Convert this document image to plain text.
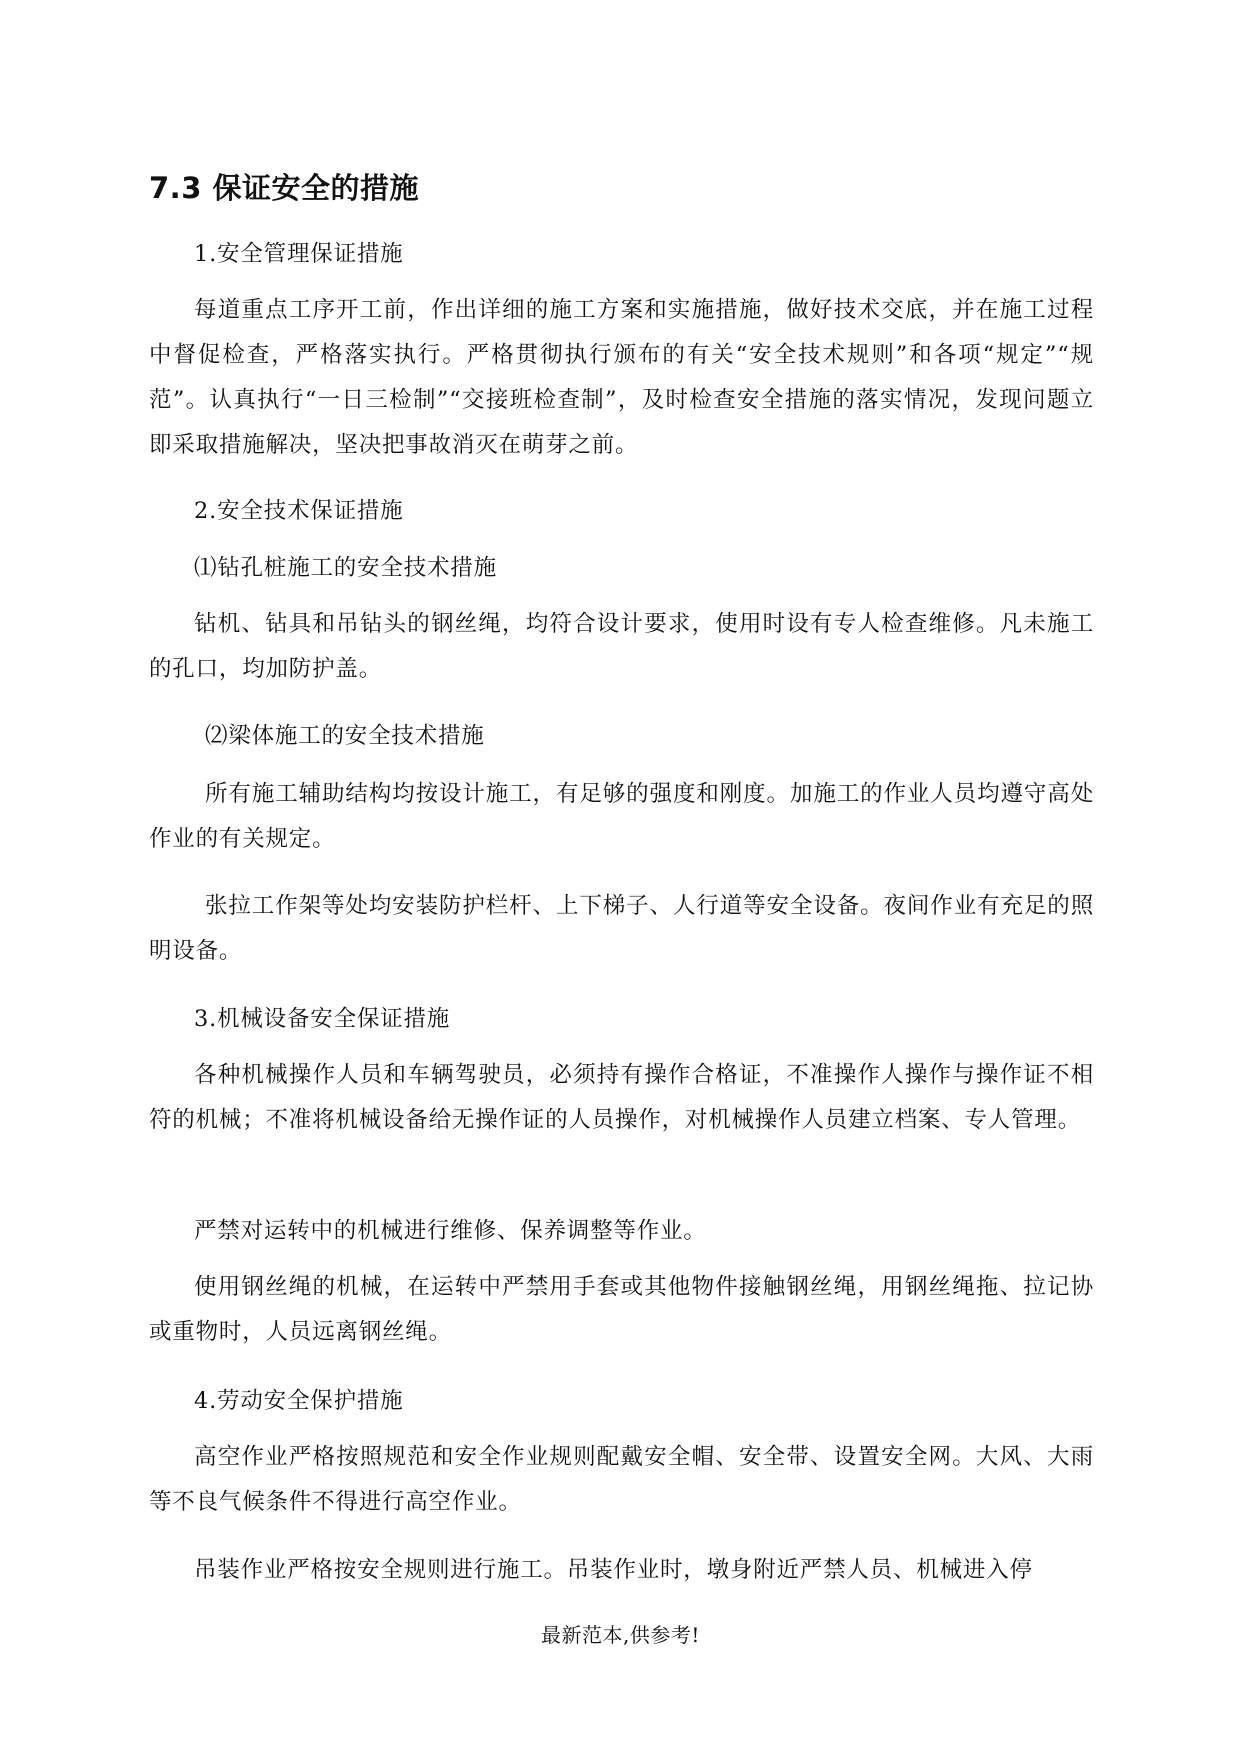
7.3 保证安全的措施

1.安全管理保证措施

每道重点工序开工前，作出详细的施工方案和实施措施，做好技术交底，并在施工过程中督促检查，严格落实执行。严格贯彻执行颁布的有关“安全技术规则”和各项“规定”“规范”。认真执行“一日三检制”“交接班检查制”，及时检查安全措施的落实情况，发现问题立即采取措施解决，坚决把事故消灭在萌芽之前。

2.安全技术保证措施

⑴钻孔桩施工的安全技术措施

钻机、钻具和吊钻头的钢丝绳，均符合设计要求，使用时设有专人检查维修。凡未施工的孔口，均加防护盖。

⑵梁体施工的安全技术措施

所有施工辅助结构均按设计施工，有足够的强度和刚度。加施工的作业人员均遵守高处作业的有关规定。

张拉工作架等处均安装防护栏杆、上下梯子、人行道等安全设备。夜间作业有充足的照明设备。

3.机械设备安全保证措施

各种机械操作人员和车辆驾驶员，必须持有操作合格证，不准操作人操作与操作证不相符的机械；不准将机械设备给无操作证的人员操作，对机械操作人员建立档案、专人管理。

严禁对运转中的机械进行维修、保养调整等作业。

使用钢丝绳的机械，在运转中严禁用手套或其他物件接触钢丝绳，用钢丝绳拖、拉记协或重物时，人员远离钢丝绳。

4.劳动安全保护措施

高空作业严格按照规范和安全作业规则配戴安全帽、安全带、设置安全网。大风、大雨等不良气候条件不得进行高空作业。

吊装作业严格按安全规则进行施工。吊装作业时，墩身附近严禁人员、机械进入停

最新范本,供参考!
